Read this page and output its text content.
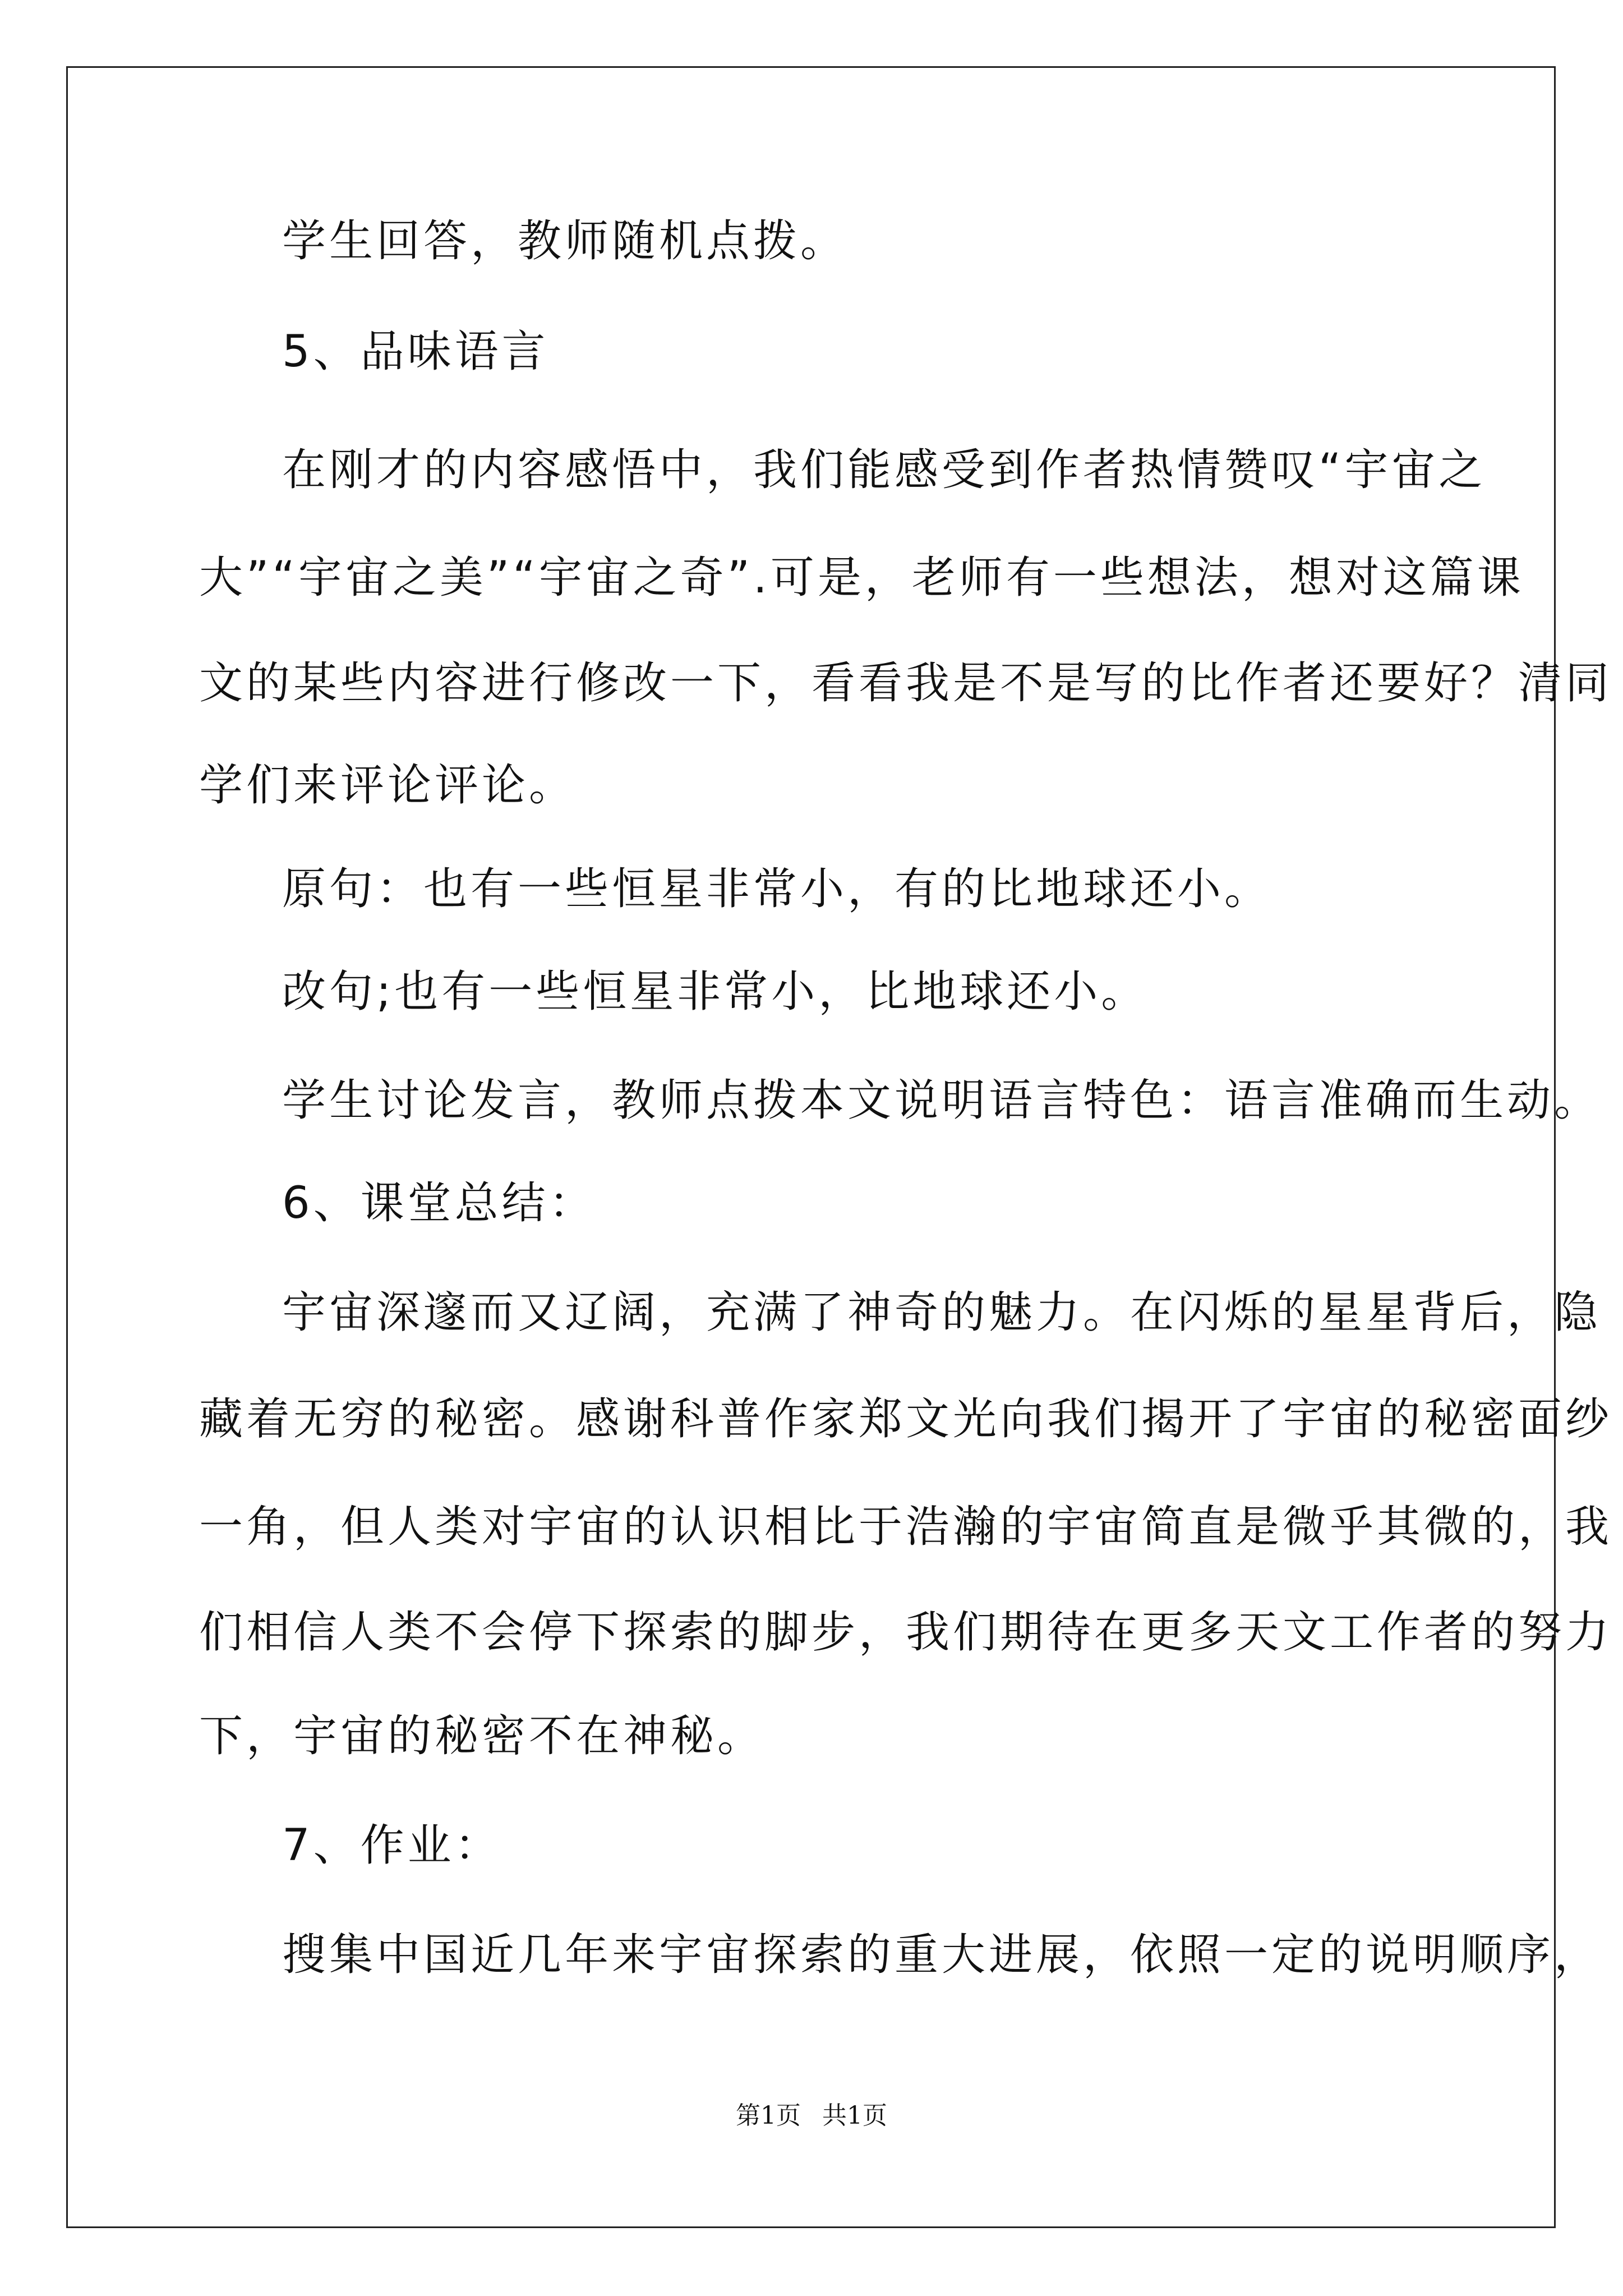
学生回答，教师随机点拨。
5、品味语言
在刚才的内容感悟中，我们能感受到作者热情赞叹“宇宙之
大”“宇宙之美”“宇宙之奇”.可是，老师有一些想法，想对这篇课
文的某些内容进行修改一下，看看我是不是写的比作者还要好？清同
学们来评论评论。
原句：也有一些恒星非常小，有的比地球还小。
改句;也有一些恒星非常小，比地球还小。
学生讨论发言，教师点拨本文说明语言特色：语言准确而生动。
6、课堂总结：
宇宙深邃而又辽阔，充满了神奇的魅力。在闪烁的星星背后，隐
藏着无穷的秘密。感谢科普作家郑文光向我们揭开了宇宙的秘密面纱
一角，但人类对宇宙的认识相比于浩瀚的宇宙简直是微乎其微的，我
们相信人类不会停下探索的脚步，我们期待在更多天文工作者的努力
下，宇宙的秘密不在神秘。
7、作业：
搜集中国近几年来宇宙探索的重大进展，依照一定的说明顺序，
第1页 共1页
